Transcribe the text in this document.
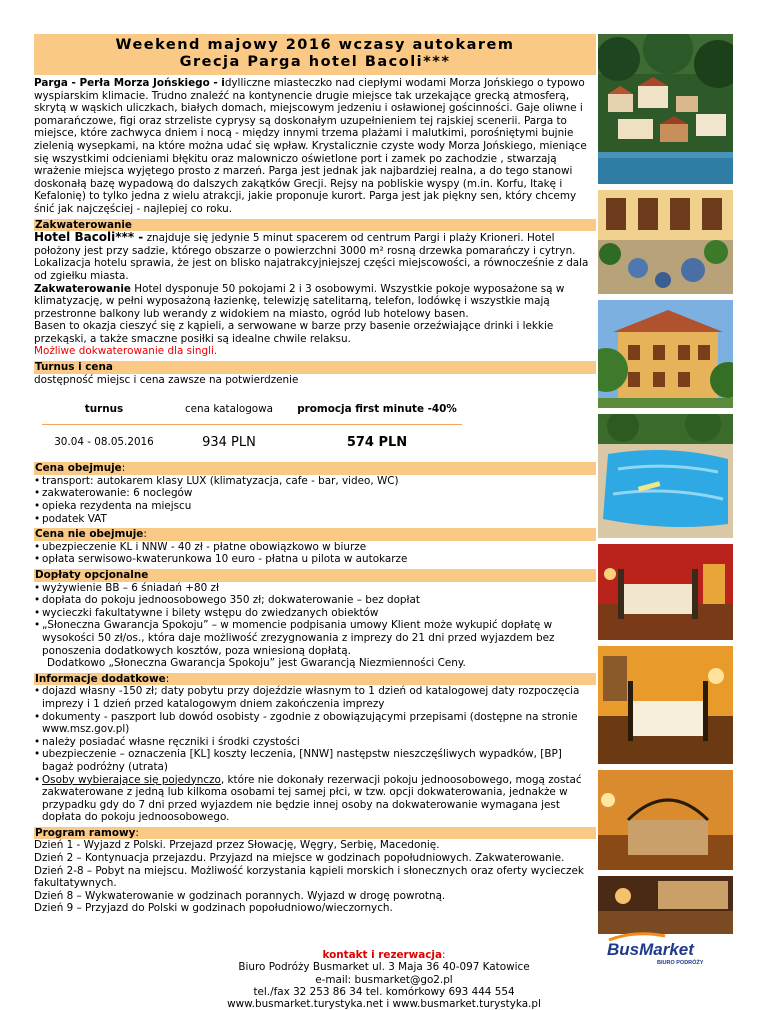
Weekend majowy 2016 wczasy autokarem
Grecja Parga hotel Bacoli***

Parga - Perła Morza Jońskiego - idylliczne miasteczko nad ciepłymi wodami Morza Jońskiego o typowo wyspiarskim klimacie. Trudno znaleźć na kontynencie drugie miejsce tak urzekające grecką atmosferą, skrytą w wąskich uliczkach, białych domach, miejscowym jedzeniu i osławionej gościnności. Gaje oliwne i pomarańczowe, figi oraz strzeliste cyprysy są doskonałym uzupełnieniem tej rajskiej scenerii. Parga to miejsce, które zachwyca dniem i nocą - między innymi trzema plażami i malutkimi, porośniętymi bujnie zielenią wysepkami, na które można udać się wpław. Krystalicznie czyste wody Morza Jońskiego, mieniące się wszystkimi odcieniami błękitu oraz malowniczo oświetlone port i zamek po zachodzie , stwarzają wrażenie miejsca wyjętego prosto z marzeń. Parga jest jednak jak najbardziej realna, a do tego stanowi doskonałą bazę wypadową do dalszych zakątków Grecji. Rejsy na pobliskie wyspy (m.in. Korfu, Itakę i Kefalonię) to tylko jedna z wielu atrakcji, jakie proponuje kurort. Parga jest jak piękny sen, który chcemy śnić jak najczęściej - najlepiej co roku.

Zakwaterowanie

Hotel Bacoli*** - znajduje się jedynie 5 minut spacerem od centrum Pargi i plaży Krioneri. Hotel położony jest przy sadzie, którego obszarze o powierzchni 3000 m² rosną drzewka pomarańczy i cytryn. Lokalizacja hotelu sprawia, że jest on blisko najatrakcyjniejszej części miejscowości, a równocześnie z dala od zgiełku miasta.

Zakwaterowanie Hotel dysponuje 50 pokojami 2 i 3 osobowymi. Wszystkie pokoje wyposażone są w klimatyzację, w pełni wyposażoną łazienkę, telewizję satelitarną, telefon, lodówkę i wszystkie mają przestronne balkony lub werandy z widokiem na miasto, ogród lub hotelowy basen.

Basen to okazja cieszyć się z kąpieli, a serwowane w barze przy basenie orzeźwiające drinki i lekkie przekąski, a także smaczne posiłki są idealne chwile relaksu.

Możliwe dokwaterowanie dla singli.

Turnus i cena

dostępność miejsc i cena zawsze na potwierdzenie

turnus	cena katalogowa	promocja first minute -40%
30.04 - 08.05.2016	934 PLN	574 PLN
Cena obejmuje:
• transport: autokarem klasy LUX (klimatyzacja, cafe - bar, video, WC)
• zakwaterowanie: 6 noclegów
• opieka rezydenta na miejscu
• podatek VAT
Cena nie obejmuje:
• ubezpieczenie KL i NNW - 40 zł - płatne obowiązkowo w biurze
• opłata serwisowo-kwaterunkowa 10 euro - płatna u pilota w autokarze
Dopłaty opcjonalne
• wyżywienie BB – 6 śniadań +80 zł
• dopłata do pokoju jednoosobowego 350 zł; dokwaterowanie – bez dopłat
• wycieczki fakultatywne i bilety wstępu do zwiedzanych obiektów
• „Słoneczna Gwarancja Spokoju” – w momencie podpisania umowy Klient może wykupić dopłatę w wysokości 50 zł/os., która daje możliwość zrezygnowania z imprezy do 21 dni przed wyjazdem bez ponoszenia dodatkowych kosztów, poza wniesioną dopłatą.

Dodatkowo „Słoneczna Gwarancja Spokoju” jest Gwarancją Niezmienności Ceny.

Informacje dodatkowe:
• dojazd własny -150 zł; daty pobytu przy dojeździe własnym to 1 dzień od katalogowej daty rozpoczęcia imprezy i 1 dzień przed katalogowym dniem zakończenia imprezy
• dokumenty - paszport lub dowód osobisty - zgodnie z obowiązującymi przepisami (dostępne na stronie www.msz.gov.pl)
• należy posiadać własne ręczniki i środki czystości
• ubezpieczenie – oznaczenia [KL] koszty leczenia, [NNW] następstw nieszczęśliwych wypadków, [BP] bagaż podróżny (utrata)
• Osoby wybierające się pojedynczo, które nie dokonały rezerwacji pokoju jednoosobowego, mogą zostać zakwaterowane z jedną lub kilkoma osobami tej samej płci, w tzw. opcji dokwaterowania, jednakże w przypadku gdy do 7 dni przed wyjazdem nie będzie innej osoby na dokwaterowanie wymagana jest dopłata do pokoju jednoosobowego.
Program ramowy:

Dzień 1 - Wyjazd z Polski. Przejazd przez Słowację, Węgry, Serbię, Macedonię.

Dzień 2 – Kontynuacja przejazdu. Przyjazd na miejsce w godzinach popołudniowych. Zakwaterowanie.

Dzień 2-8 – Pobyt na miejscu. Możliwość korzystania kąpieli morskich i słonecznych oraz oferty wycieczek fakultatywnych.

Dzień 8 – Wykwaterowanie w godzinach porannych. Wyjazd w drogę powrotną.

Dzień 9 – Przyjazd do Polski w godzinach popołudniowo/wieczornych.

kontakt i rezerwacja:
Biuro Podróży Busmarket ul. 3 Maja 36 40-097 Katowice
e-mail: busmarket@go2.pl
tel./fax 32 253 86 34 tel. komórkowy 693 444 554
www.busmarket.turystyka.net i www.busmarket.turystyka.pl
BusMarket
BIURO PODRÓŻY
